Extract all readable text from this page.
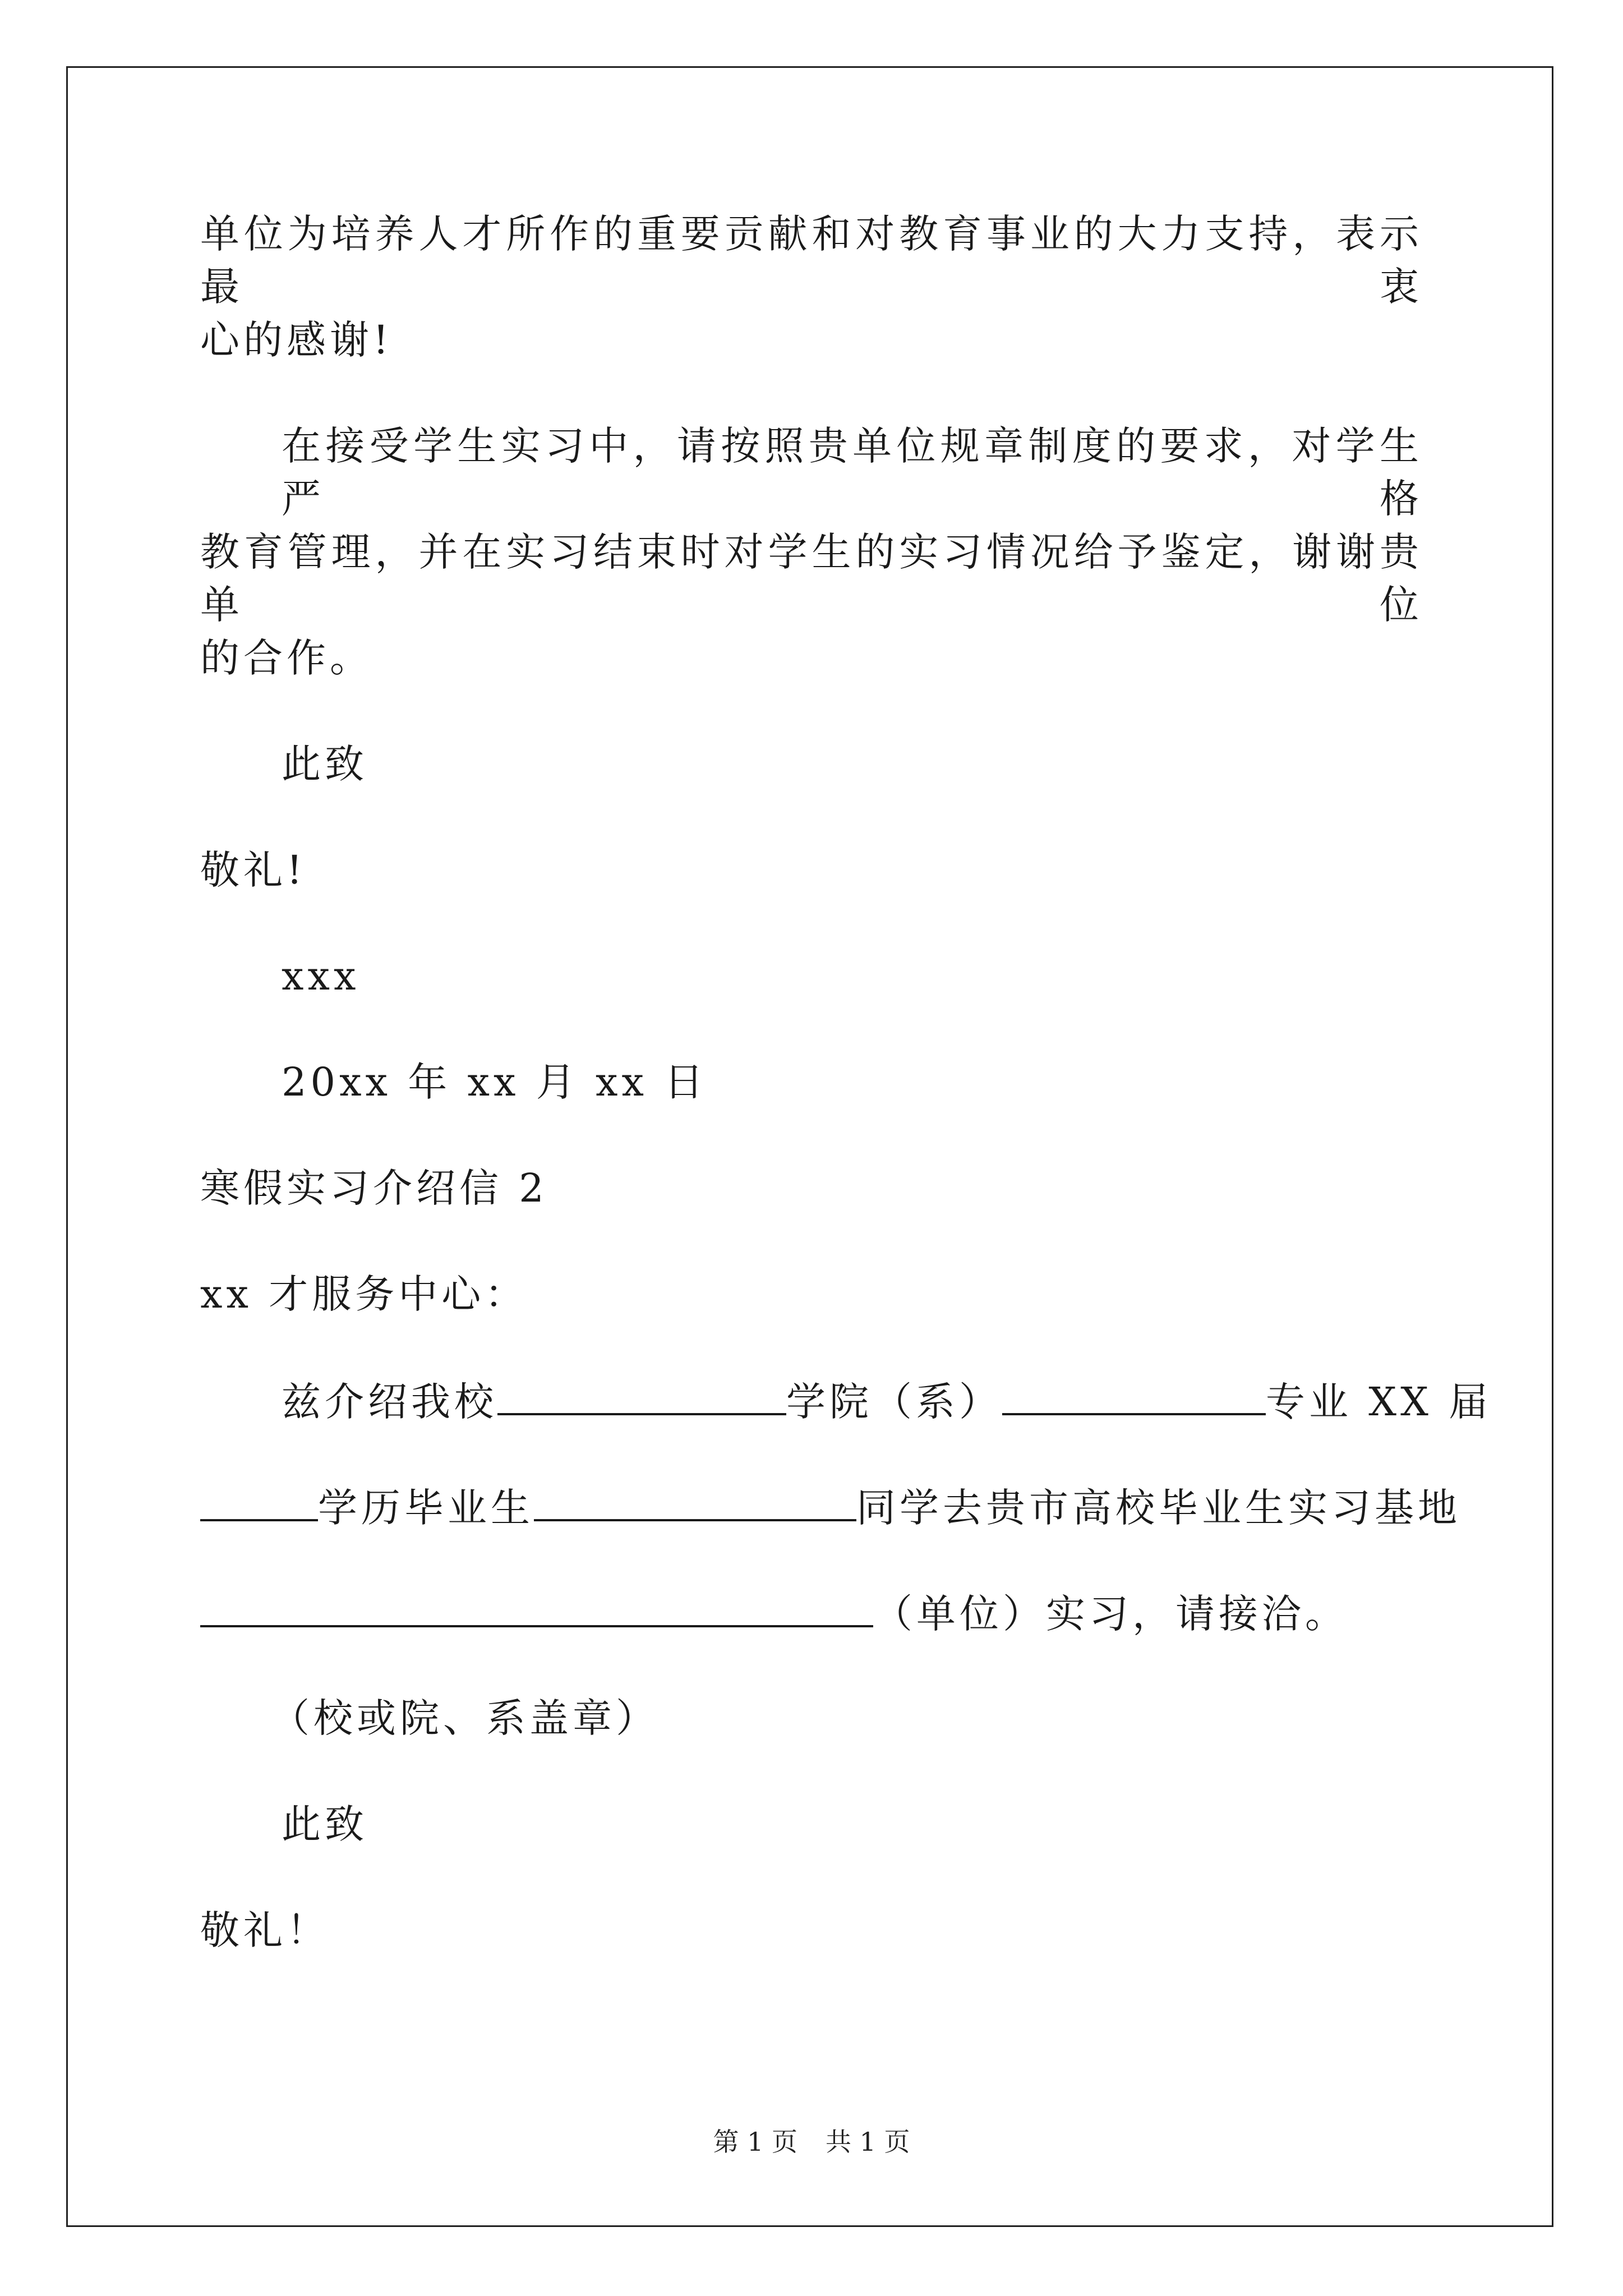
单位为培养人才所作的重要贡献和对教育事业的大力支持，表示最衷
心的感谢!
在接受学生实习中，请按照贵单位规章制度的要求，对学生严格
教育管理，并在实习结束时对学生的实习情况给予鉴定，谢谢贵单位
的合作。
此致
敬礼!
xxx
20xx 年 xx 月 xx 日
寒假实习介绍信 2
xx 才服务中心：
兹介绍我校	学院（系）	专业 XX 届
学历毕业生	同学去贵市高校毕业生实习基地
（单位）实习，请接洽。
（校或院、系盖章）
此致
敬礼！
第 1 页 共 1 页
